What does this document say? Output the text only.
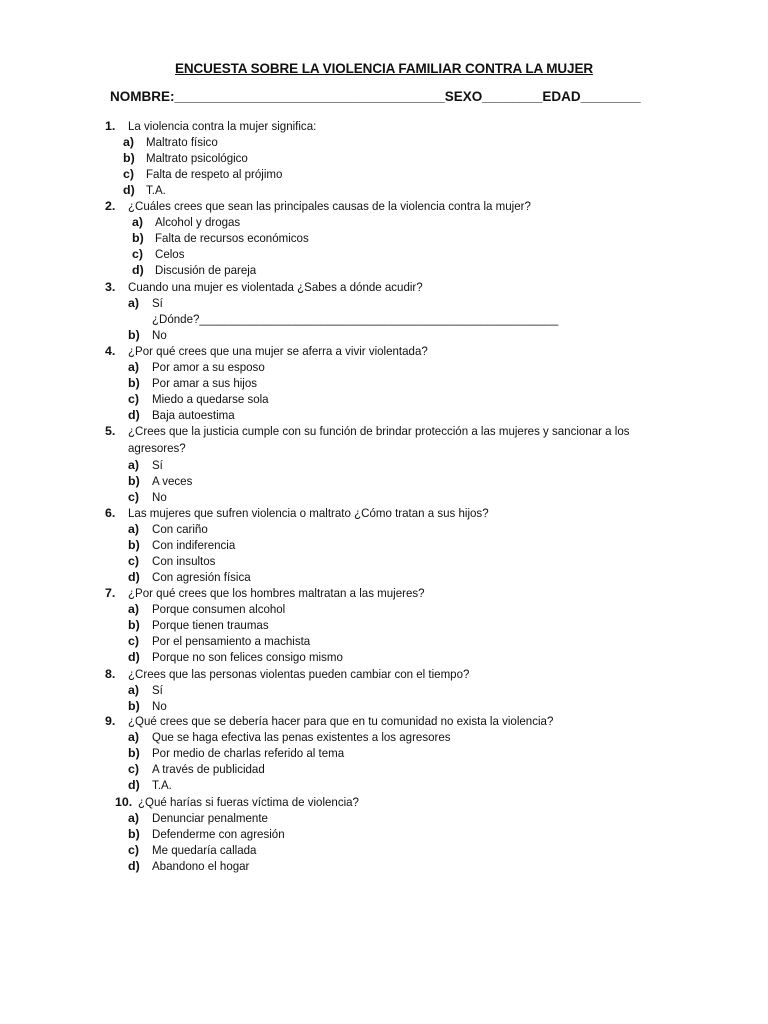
ENCUESTA SOBRE LA VIOLENCIA FAMILIAR CONTRA LA MUJER
NOMBRE:____________________________________SEXO________EDAD________
1. La violencia contra la mujer significa:
a) Maltrato físico
b) Maltrato psicológico
c) Falta de respeto al prójimo
d) T.A.
2. ¿Cuáles crees que sean las principales causas de la violencia contra la mujer?
a) Alcohol y drogas
b) Falta de recursos económicos
c) Celos
d) Discusión de pareja
3. Cuando una mujer es violentada ¿Sabes a dónde acudir?
a) Sí
¿Dónde?________________________________________________________
b) No
4. ¿Por qué crees que una mujer se aferra a vivir violentada?
a) Por amor a su esposo
b) Por amar a sus hijos
c) Miedo a quedarse sola
d) Baja autoestima
5. ¿Crees que la justicia cumple con su función de brindar protección a las mujeres y sancionar a los
agresores?
a) Sí
b) A veces
c) No
6. Las mujeres que sufren violencia o maltrato ¿Cómo tratan a sus hijos?
a) Con cariño
b) Con indiferencia
c) Con insultos
d) Con agresión física
7. ¿Por qué crees que los hombres maltratan a las mujeres?
a) Porque consumen alcohol
b) Porque tienen traumas
c) Por el pensamiento a machista
d) Porque no son felices consigo mismo
8. ¿Crees que las personas violentas pueden cambiar con el tiempo?
a) Sí
b) No
9. ¿Qué crees que se debería hacer para que en tu comunidad no exista la violencia?
a) Que se haga efectiva las penas existentes a los agresores
b) Por medio de charlas referido al tema
c) A través de publicidad
d) T.A.
10. ¿Qué harías si fueras víctima de violencia?
a) Denunciar penalmente
b) Defenderme con agresión
c) Me quedaría callada
d) Abandono el hogar
